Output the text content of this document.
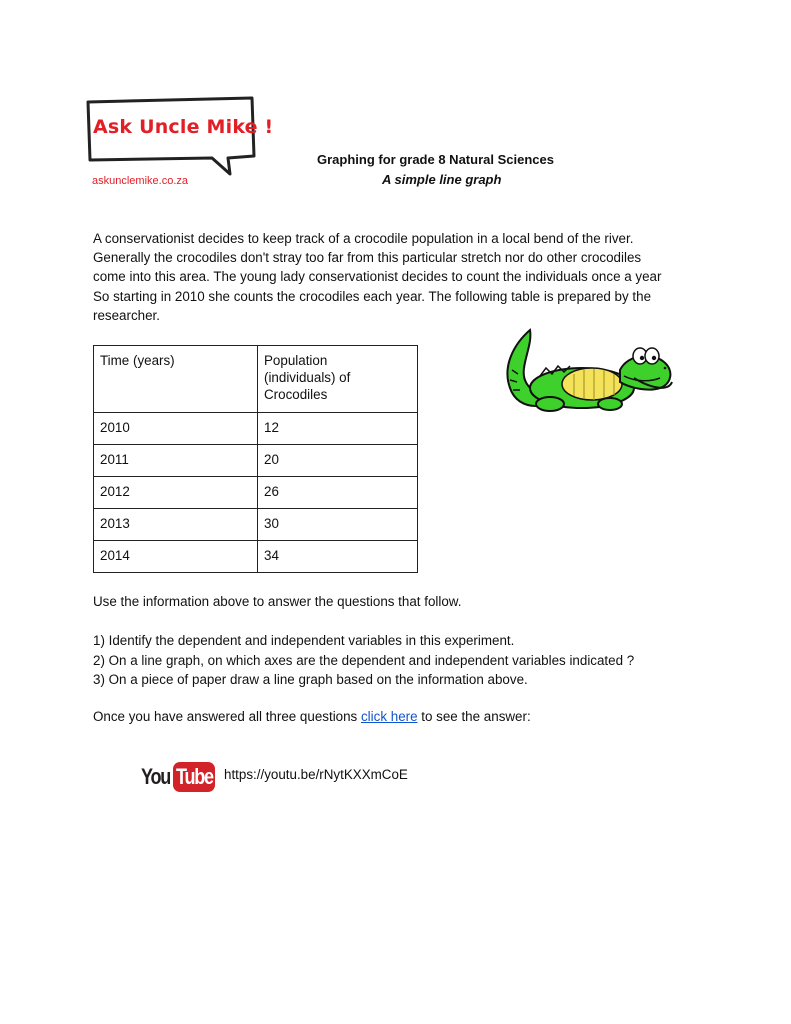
Ask Uncle Mike !
askunclemike.co.za
Graphing for grade 8 Natural Sciences
A simple line graph
A conservationist decides to keep track of a crocodile population in a local bend of the river.
Generally the crocodiles don't stray too far from this particular stretch nor do other crocodiles
come into this area. The young lady conservationist decides to count the individuals once a year
So starting in 2010 she counts the crocodiles each year. The following table is prepared by the
researcher.
Time (years)	Population
(individuals) of
Crocodiles
2010	12
2011	20
2012	26
2013	30
2014	34
Use the information above to answer the questions that follow.
1) Identify the dependent and independent variables in this experiment.
2) On a line graph, on which axes are the dependent and independent variables indicated ?
3) On a piece of paper draw a line graph based on the information above.
Once you have answered all three questions click here to see the answer:
You Tube https://youtu.be/rNytKXXmCoE
